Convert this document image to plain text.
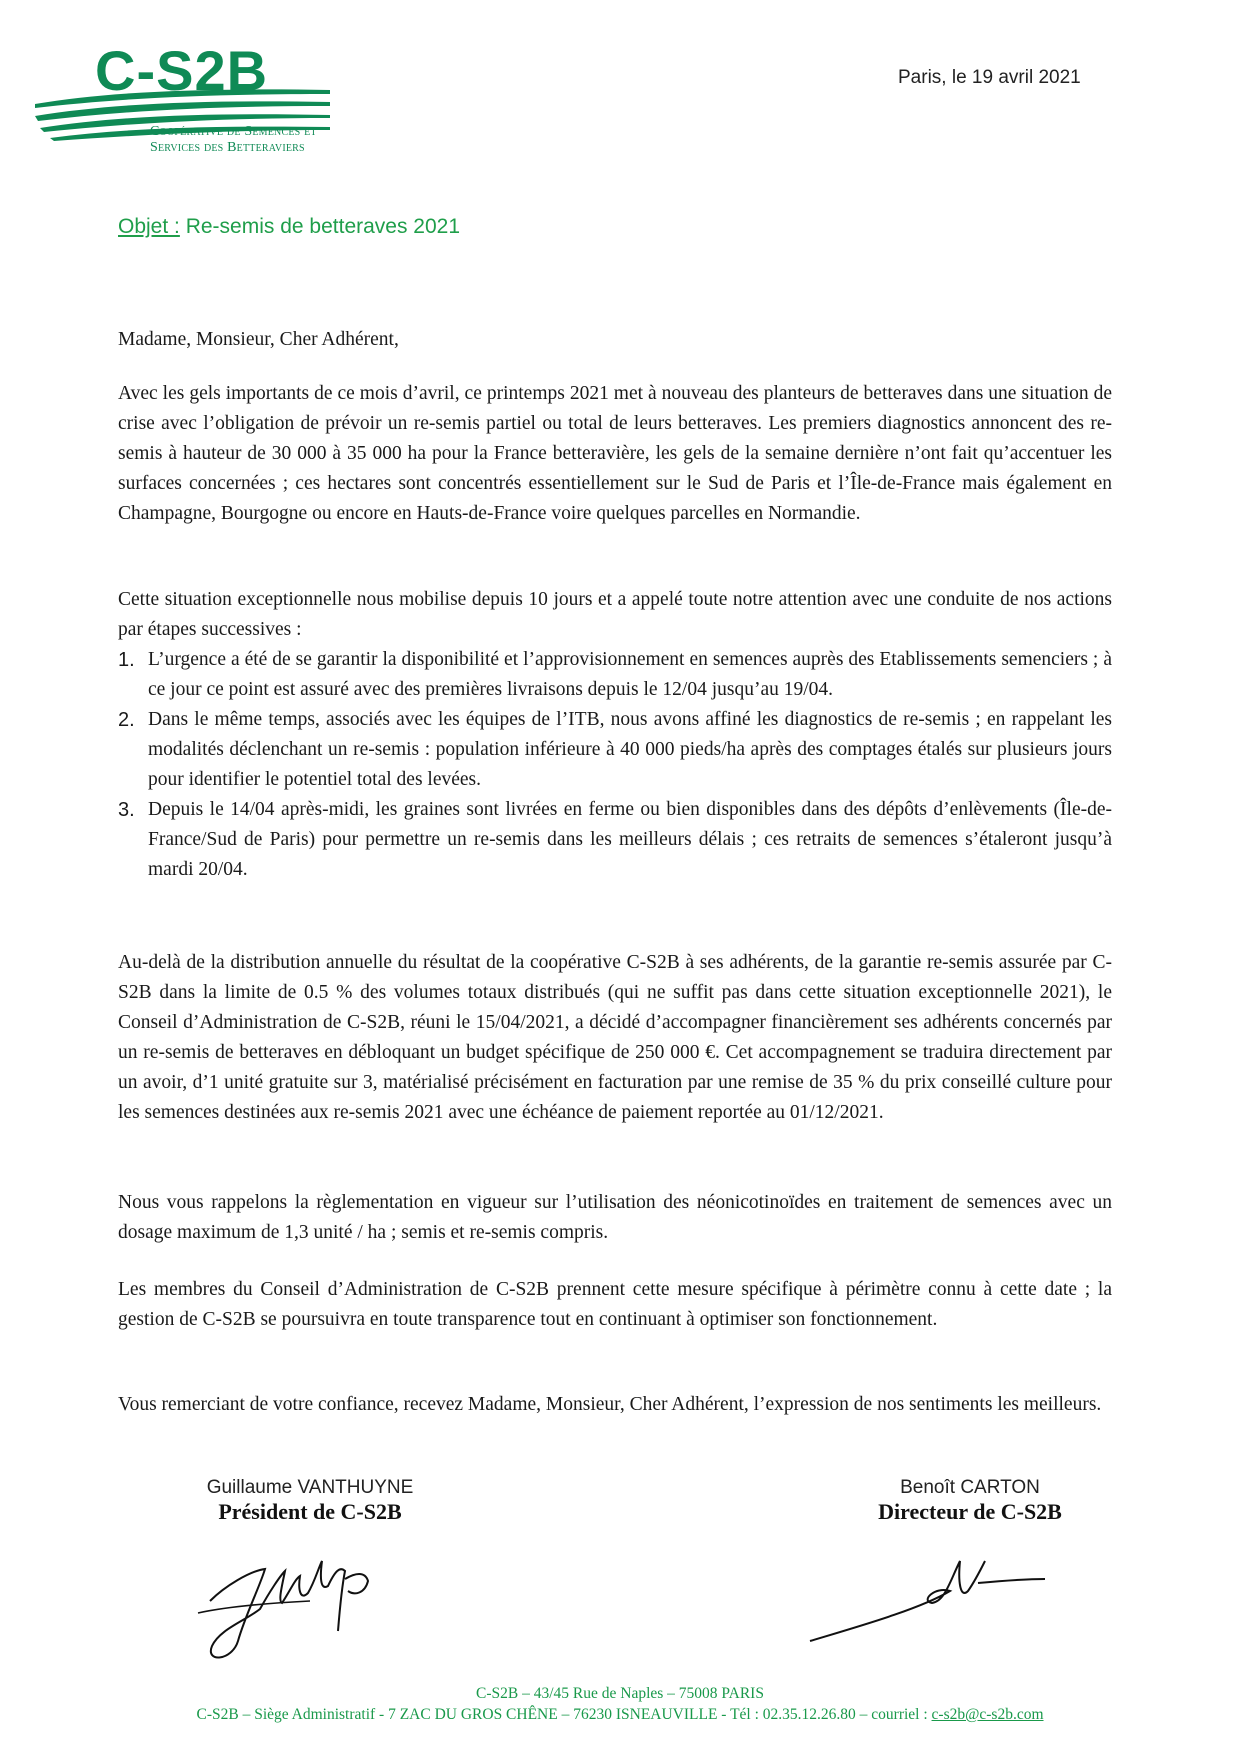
C-S2B
Coopérative de Semences et
Services des Betteraviers
Paris, le 19 avril 2021
Objet : Re-semis de betteraves 2021
Madame, Monsieur, Cher Adhérent,

Avec les gels importants de ce mois d’avril, ce printemps 2021 met à nouveau des planteurs de betteraves dans une situation de crise avec l’obligation de prévoir un re-semis partiel ou total de leurs betteraves. Les premiers diagnostics annoncent des re-semis à hauteur de 30 000 à 35 000 ha pour la France betteravière, les gels de la semaine dernière n’ont fait qu’accentuer les surfaces concernées ; ces hectares sont concentrés essentiellement sur le Sud de Paris et l’Île-de-France mais également en Champagne, Bourgogne ou encore en Hauts-de-France voire quelques parcelles en Normandie.

Cette situation exceptionnelle nous mobilise depuis 10 jours et a appelé toute notre attention avec une conduite de nos actions par étapes successives :

1. L’urgence a été de se garantir la disponibilité et l’approvisionnement en semences auprès des Etablissements semenciers ; à ce jour ce point est assuré avec des premières livraisons depuis le 12/04 jusqu’au 19/04.
2. Dans le même temps, associés avec les équipes de l’ITB, nous avons affiné les diagnostics de re-semis ; en rappelant les modalités déclenchant un re-semis : population inférieure à 40 000 pieds/ha après des comptages étalés sur plusieurs jours pour identifier le potentiel total des levées.
3. Depuis le 14/04 après-midi, les graines sont livrées en ferme ou bien disponibles dans des dépôts d’enlèvements (Île-de-France/Sud de Paris) pour permettre un re-semis dans les meilleurs délais ; ces retraits de semences s’étaleront jusqu’à mardi 20/04.

Au-delà de la distribution annuelle du résultat de la coopérative C-S2B à ses adhérents, de la garantie re-semis assurée par C-S2B dans la limite de 0.5 % des volumes totaux distribués (qui ne suffit pas dans cette situation exceptionnelle 2021), le Conseil d’Administration de C-S2B, réuni le 15/04/2021, a décidé d’accompagner financièrement ses adhérents concernés par un re-semis de betteraves en débloquant un budget spécifique de 250 000 €. Cet accompagnement se traduira directement par un avoir, d’1 unité gratuite sur 3, matérialisé précisément en facturation par une remise de 35 % du prix conseillé culture pour les semences destinées aux re-semis 2021 avec une échéance de paiement reportée au 01/12/2021.

Nous vous rappelons la règlementation en vigueur sur l’utilisation des néonicotinoïdes en traitement de semences avec un dosage maximum de 1,3 unité / ha ; semis et re-semis compris.

Les membres du Conseil d’Administration de C-S2B prennent cette mesure spécifique à périmètre connu à cette date ; la gestion de C-S2B se poursuivra en toute transparence tout en continuant à optimiser son fonctionnement.

Vous remerciant de votre confiance, recevez Madame, Monsieur, Cher Adhérent, l’expression de nos sentiments les meilleurs.

Guillaume VANTHUYNE
Président de C-S2B
Benoît CARTON
Directeur de C-S2B
C-S2B – 43/45 Rue de Naples – 75008 PARIS
C-S2B – Siège Administratif - 7 ZAC DU GROS CHÊNE – 76230 ISNEAUVILLE - Tél : 02.35.12.26.80 – courriel : c-s2b@c-s2b.com
